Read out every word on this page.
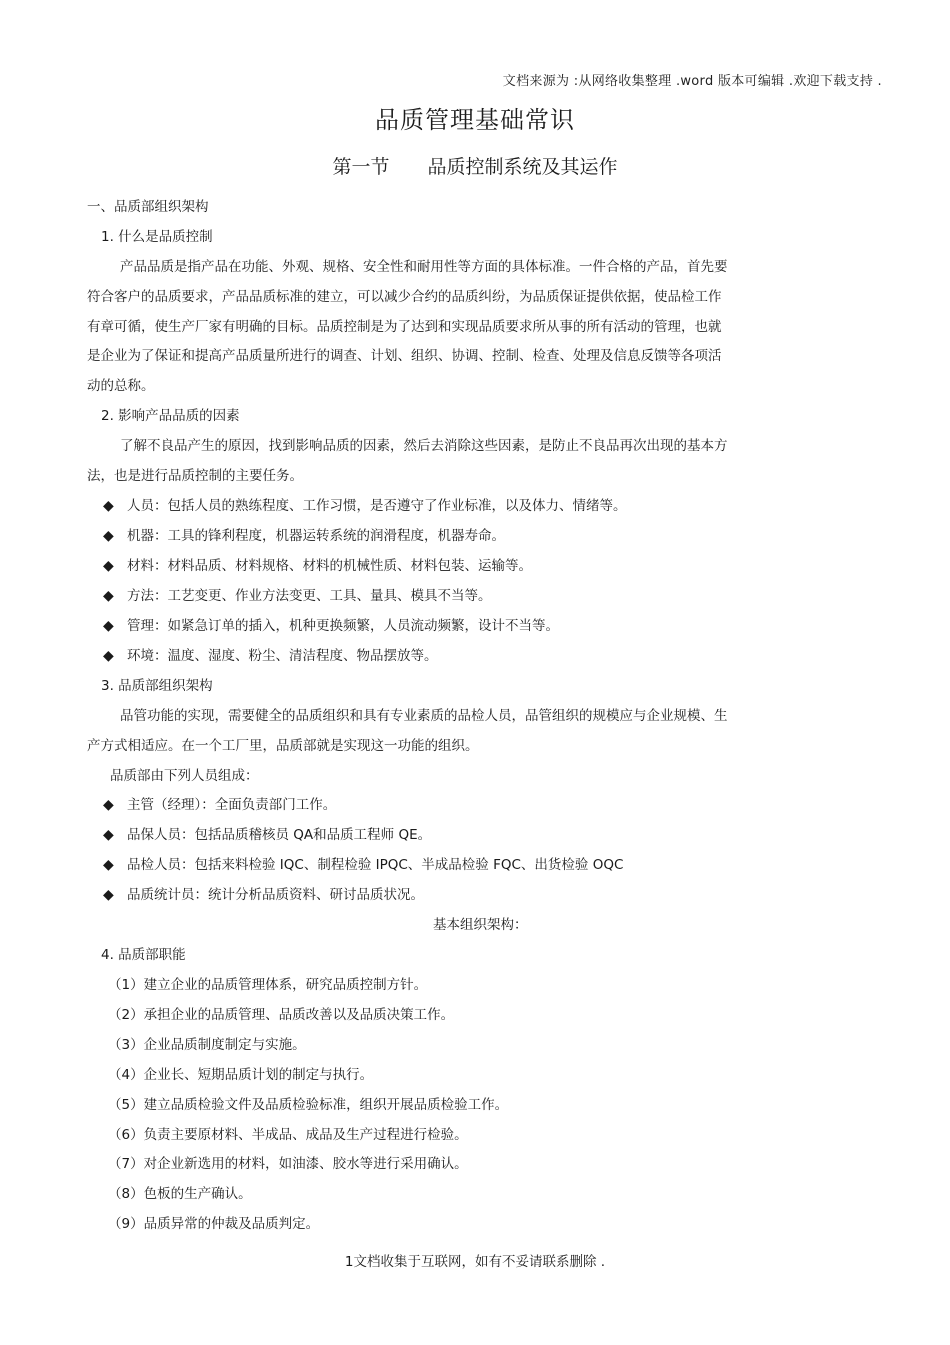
文档来源为 :从网络收集整理 .word 版本可编辑 .欢迎下载支持 .
品质管理基础常识
第一节 品质控制系统及其运作
一、品质部组织架构
1. 什么是品质控制
产品品质是指产品在功能、外观、规格、安全性和耐用性等方面的具体标准。一件合格的产品，首先要
符合客户的品质要求，产品品质标准的建立，可以减少合约的品质纠纷，为品质保证提供依据，使品检工作
有章可循，使生产厂家有明确的目标。品质控制是为了达到和实现品质要求所从事的所有活动的管理，也就
是企业为了保证和提高产品质量所进行的调查、计划、组织、协调、控制、检查、处理及信息反馈等各项活
动的总称。
2. 影响产品品质的因素
了解不良品产生的原因，找到影响品质的因素，然后去消除这些因素，是防止不良品再次出现的基本方
法，也是进行品质控制的主要任务。
◆ 人员：包括人员的熟练程度、工作习惯，是否遵守了作业标准，以及体力、情绪等。
◆ 机器：工具的锋利程度，机器运转系统的润滑程度，机器寿命。
◆ 材料：材料品质、材料规格、材料的机械性质、材料包装、运输等。
◆ 方法：工艺变更、作业方法变更、工具、量具、模具不当等。
◆ 管理：如紧急订单的插入，机种更换频繁，人员流动频繁，设计不当等。
◆ 环境：温度、湿度、粉尘、清洁程度、物品摆放等。
3. 品质部组织架构
品管功能的实现，需要健全的品质组织和具有专业素质的品检人员，品管组织的规模应与企业规模、生
产方式相适应。在一个工厂里，品质部就是实现这一功能的组织。
品质部由下列人员组成：
◆ 主管（经理）：全面负责部门工作。
◆ 品保人员：包括品质稽核员 QA和品质工程师 QE。
◆ 品检人员：包括来料检验 IQC、制程检验 IPQC、半成品检验 FQC、出货检验 OQC
◆ 品质统计员：统计分析品质资料、研讨品质状况。
基本组织架构：
4. 品质部职能
（1）建立企业的品质管理体系，研究品质控制方针。
（2）承担企业的品质管理、品质改善以及品质决策工作。
（3）企业品质制度制定与实施。
（4）企业长、短期品质计划的制定与执行。
（5）建立品质检验文件及品质检验标准，组织开展品质检验工作。
（6）负责主要原材料、半成品、成品及生产过程进行检验。
（7）对企业新选用的材料，如油漆、胶水等进行采用确认。
（8）色板的生产确认。
（9）品质异常的仲裁及品质判定。
1文档收集于互联网，如有不妥请联系删除 .
